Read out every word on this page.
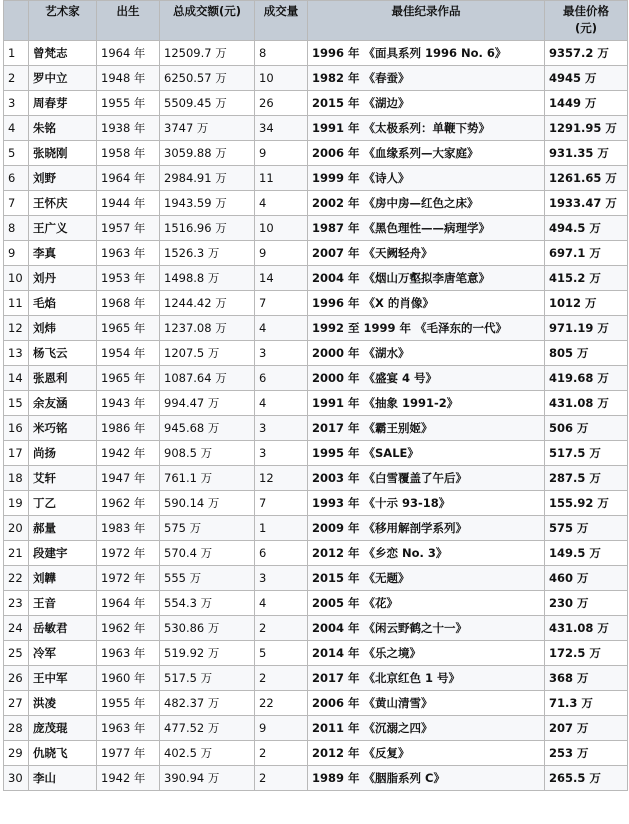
	艺术家	出生	总成交额(元)	成交量	最佳纪录作品	最佳价格
(元)

1	曾梵志	1964 年	12509.7 万	8	1996 年 《面具系列 1996 No. 6》	9357.2 万
2	罗中立	1948 年	6250.57 万	10	1982 年 《春蚕》	4945 万
3	周春芽	1955 年	5509.45 万	26	2015 年 《湖边》	1449 万
4	朱铭	1938 年	3747 万	34	1991 年 《太极系列：单鞭下势》	1291.95 万
5	张晓刚	1958 年	3059.88 万	9	2006 年 《血缘系列—大家庭》	931.35 万
6	刘野	1964 年	2984.91 万	11	1999 年 《诗人》	1261.65 万
7	王怀庆	1944 年	1943.59 万	4	2002 年 《房中房—红色之床》	1933.47 万
8	王广义	1957 年	1516.96 万	10	1987 年 《黑色理性——病理学》	494.5 万
9	李真	1963 年	1526.3 万	9	2007 年 《天阙轻舟》	697.1 万
10	刘丹	1953 年	1498.8 万	14	2004 年 《烟山万壑拟李唐笔意》	415.2 万
11	毛焰	1968 年	1244.42 万	7	1996 年 《X 的肖像》	1012 万
12	刘炜	1965 年	1237.08 万	4	1992 至 1999 年 《毛泽东的一代》	971.19 万
13	杨飞云	1954 年	1207.5 万	3	2000 年 《湖水》	805 万
14	张恩利	1965 年	1087.64 万	6	2000 年 《盛宴 4 号》	419.68 万
15	余友涵	1943 年	994.47 万	4	1991 年 《抽象 1991-2》	431.08 万
16	米巧铭	1986 年	945.68 万	3	2017 年 《霸王别姬》	506 万
17	尚扬	1942 年	908.5 万	3	1995 年 《SALE》	517.5 万
18	艾轩	1947 年	761.1 万	12	2003 年 《白雪覆盖了午后》	287.5 万
19	丁乙	1962 年	590.14 万	7	1993 年 《十示 93-18》	155.92 万
20	郝量	1983 年	575 万	1	2009 年 《移用解剖学系列》	575 万
21	段建宇	1972 年	570.4 万	6	2012 年 《乡恋 No. 3》	149.5 万
22	刘韡	1972 年	555 万	3	2015 年 《无题》	460 万
23	王音	1964 年	554.3 万	4	2005 年 《花》	230 万
24	岳敏君	1962 年	530.86 万	2	2004 年 《闲云野鹤之十一》	431.08 万
25	冷军	1963 年	519.92 万	5	2014 年 《乐之境》	172.5 万
26	王中军	1960 年	517.5 万	2	2017 年 《北京红色 1 号》	368 万
27	洪凌	1955 年	482.37 万	22	2006 年 《黄山清雪》	71.3 万
28	庞茂琨	1963 年	477.52 万	9	2011 年 《沉溺之四》	207 万
29	仇晓飞	1977 年	402.5 万	2	2012 年 《反复》	253 万
30	李山	1942 年	390.94 万	2	1989 年 《胭脂系列 C》	265.5 万
